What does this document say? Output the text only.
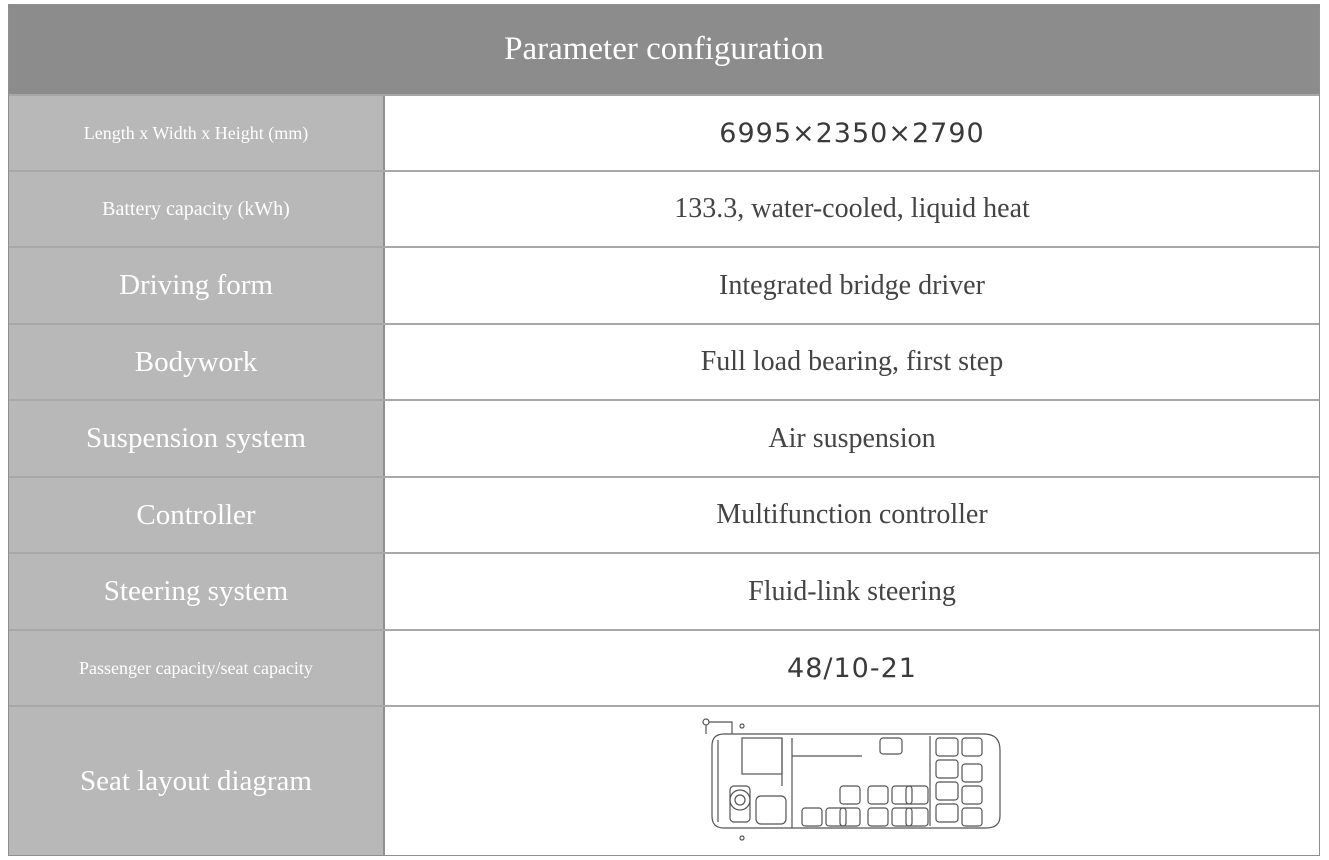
Parameter configuration
Length x Width x Height (mm)	6995×2350×2790
Battery capacity (kWh)	133.3, water-cooled, liquid heat
Driving form	Integrated bridge driver
Bodywork	Full load bearing, first step
Suspension system	Air suspension
Controller	Multifunction controller
Steering system	Fluid-link steering
Passenger capacity/seat capacity	48/10-21
Seat layout diagram
